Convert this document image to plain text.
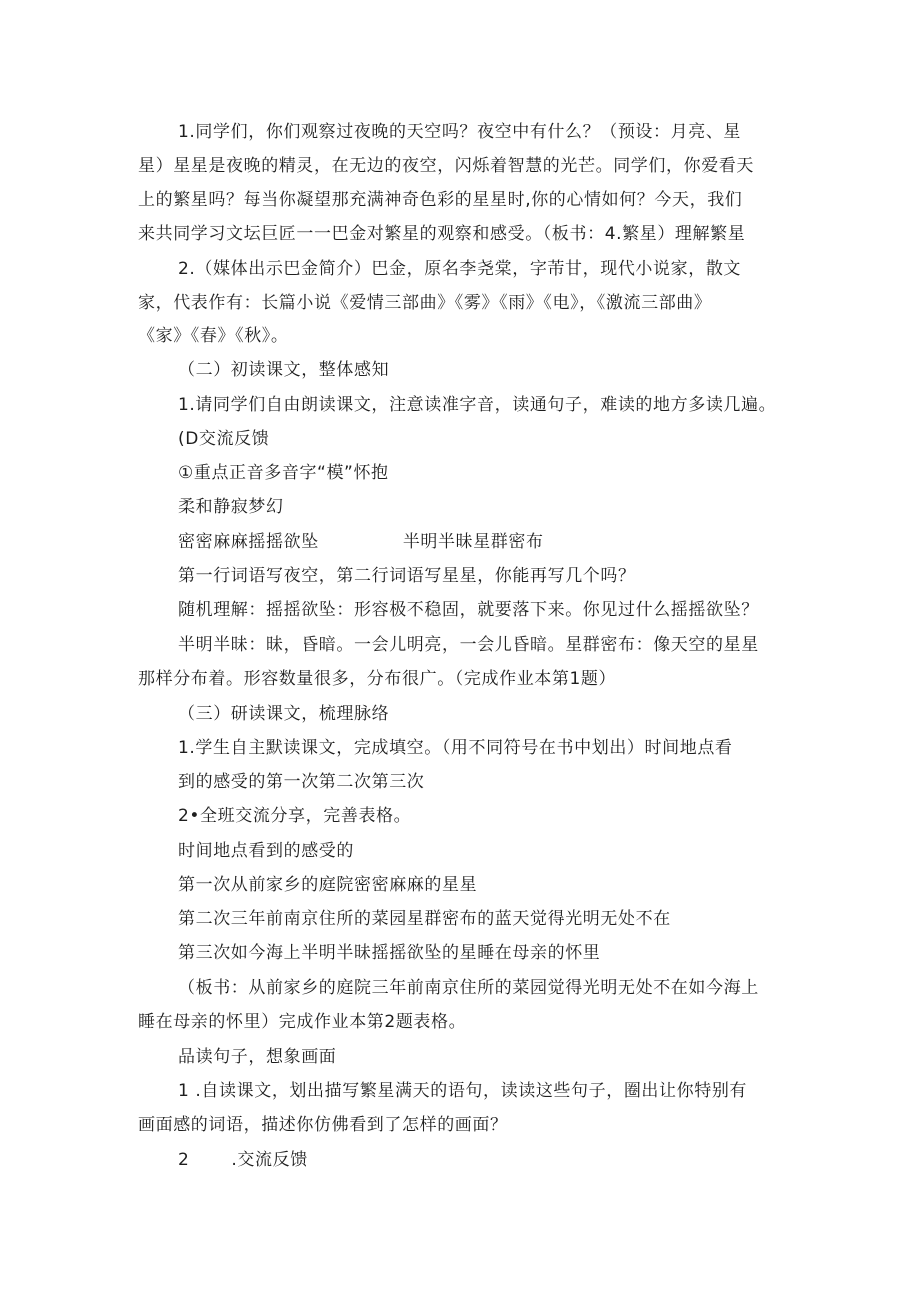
1.同学们，你们观察过夜晚的天空吗？夜空中有什么？（预设：月亮、星
星）星星是夜晚的精灵，在无边的夜空，闪烁着智慧的光芒。同学们，你爱看天
上的繁星吗？每当你凝望那充满神奇色彩的星星时,你的心情如何？今天，我们
来共同学习文坛巨匠一一巴金对繁星的观察和感受。（板书：4.繁星）理解繁星
2.（媒体出示巴金简介）巴金，原名李尧棠，字芾甘，现代小说家，散文
家，代表作有：长篇小说《爱情三部曲》《雾》《雨》《电》，《激流三部曲》
《家》《春》《秋》。
（二）初读课文，整体感知
1.请同学们自由朗读课文，注意读准字音，读通句子，难读的地方多读几遍。
(D交流反馈
①重点正音多音字“模”怀抱
柔和静寂梦幻
密密麻麻摇摇欲坠	半明半昧星群密布
第一行词语写夜空，第二行词语写星星，你能再写几个吗？
随机理解：摇摇欲坠：形容极不稳固，就要落下来。你见过什么摇摇欲坠？
半明半昧：昧，昏暗。一会儿明亮，一会儿昏暗。星群密布：像天空的星星
那样分布着。形容数量很多，分布很广。（完成作业本第1题）
（三）研读课文，梳理脉络
1.学生自主默读课文，完成填空。（用不同符号在书中划出）时间地点看
到的感受的第一次第二次第三次
2•全班交流分享，完善表格。
时间地点看到的感受的
第一次从前家乡的庭院密密麻麻的星星
第二次三年前南京住所的菜园星群密布的蓝天觉得光明无处不在
第三次如今海上半明半昧摇摇欲坠的星睡在母亲的怀里
（板书：从前家乡的庭院三年前南京住所的菜园觉得光明无处不在如今海上
睡在母亲的怀里）完成作业本第2题表格。
品读句子，想象画面
1 .自读课文，划出描写繁星满天的语句，读读这些句子，圈出让你特别有
画面感的词语，描述你仿佛看到了怎样的画面？
2 .交流反馈
